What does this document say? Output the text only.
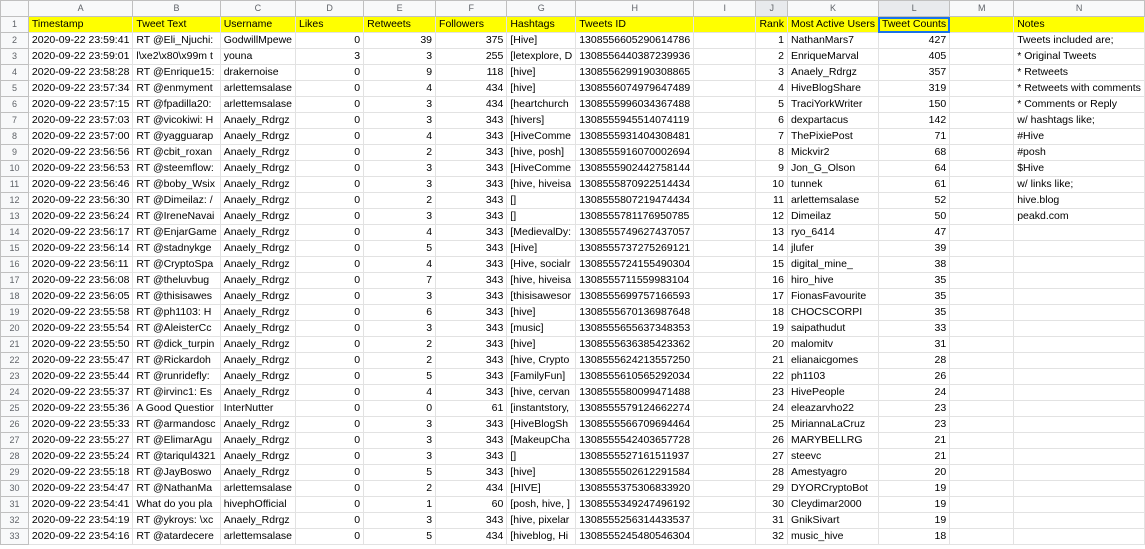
	A	B	C	D	E	F	G	H	I	J	K	L	M	N
1	Timestamp	Tweet Text	Username	Likes	Retweets	Followers	Hashtags	Tweets ID		Rank	Most Active Users	Tweet Counts		Notes
2	2020-09-22 23:59:41	RT @Eli_Njuchi:	GodwillMpewe	0	39	375	[Hive]	1308556605290614786		1	NathanMars7	427		Tweets included are;
3	2020-09-22 23:59:01	l\xe2\x80\x99m t	youna	3	3	255	[letexplore, D	1308556440387239936		2	EnriqueMarval	405		* Original Tweets
4	2020-09-22 23:58:28	RT @Enrique15:	drakernoise	0	9	118	[hive]	1308556299190308865		3	Anaely_Rdrgz	357		* Retweets
5	2020-09-22 23:57:34	RT @enmyment	arlettemsalase	0	4	434	[hive]	1308556074979647489		4	HiveBlogShare	319		* Retweets with comments
6	2020-09-22 23:57:15	RT @fpadilla20:	arlettemsalase	0	3	434	[heartchurch	1308555996034367488		5	TraciYorkWriter	150		* Comments or Reply
7	2020-09-22 23:57:03	RT @vicokiwi: H	Anaely_Rdrgz	0	3	343	[hivers]	1308555945514074119		6	dexpartacus	142		w/ hashtags like;
8	2020-09-22 23:57:00	RT @yagguarap	Anaely_Rdrgz	0	4	343	[HiveComme	1308555931404308481		7	ThePixiePost	71		#Hive
9	2020-09-22 23:56:56	RT @cbit_roxan	Anaely_Rdrgz	0	2	343	[hive, posh]	1308555916070002694		8	Mickvir2	68		#posh
10	2020-09-22 23:56:53	RT @steemflow:	Anaely_Rdrgz	0	3	343	[HiveComme	1308555902442758144		9	Jon_G_Olson	64		$Hive
11	2020-09-22 23:56:46	RT @boby_Wsix	Anaely_Rdrgz	0	3	343	[hive, hiveisa	1308555870922514434		10	tunnek	61		w/ links like;
12	2020-09-22 23:56:30	RT @Dimeilaz: /	Anaely_Rdrgz	0	2	343	[]	1308555807219474434		11	arlettemsalase	52		hive.blog
13	2020-09-22 23:56:24	RT @IreneNavai	Anaely_Rdrgz	0	3	343	[]	1308555781176950785		12	Dimeilaz	50		peakd.com
14	2020-09-22 23:56:17	RT @EnjarGame	Anaely_Rdrgz	0	4	343	[MedievalDy:	1308555749627437057		13	ryo_6414	47		
15	2020-09-22 23:56:14	RT @stadnykge	Anaely_Rdrgz	0	5	343	[Hive]	1308555737275269121		14	jlufer	39		
16	2020-09-22 23:56:11	RT @CryptoSpa	Anaely_Rdrgz	0	4	343	[Hive, socialr	1308555724155490304		15	digital_mine_	38		
17	2020-09-22 23:56:08	RT @theluvbug	Anaely_Rdrgz	0	7	343	[hive, hiveisa	1308555711559983104		16	hiro_hive	35		
18	2020-09-22 23:56:05	RT @thisisawes	Anaely_Rdrgz	0	3	343	[thisisawesor	1308555699757166593		17	FionasFavourite	35		
19	2020-09-22 23:55:58	RT @ph1103: H	Anaely_Rdrgz	0	6	343	[hive]	1308555670136987648		18	CHOCSCORPI	35		
20	2020-09-22 23:55:54	RT @AleisterCc	Anaely_Rdrgz	0	3	343	[music]	1308555655637348353		19	saipathudut	33		
21	2020-09-22 23:55:50	RT @dick_turpin	Anaely_Rdrgz	0	2	343	[hive]	1308555636385423362		20	malomitv	31		
22	2020-09-22 23:55:47	RT @Rickardoh	Anaely_Rdrgz	0	2	343	[hive, Crypto	1308555624213557250		21	elianaicgomes	28		
23	2020-09-22 23:55:44	RT @runridefly:	Anaely_Rdrgz	0	5	343	[FamilyFun]	1308555610565292034		22	ph1103	26		
24	2020-09-22 23:55:37	RT @irvinc1: Es	Anaely_Rdrgz	0	4	343	[hive, cervan	1308555580099471488		23	HivePeople	24		
25	2020-09-22 23:55:36	A Good Questior	InterNutter	0	0	61	[instantstory,	1308555579124662274		24	eleazarvho22	23		
26	2020-09-22 23:55:33	RT @armandosc	Anaely_Rdrgz	0	3	343	[HiveBlogSh	1308555566709694464		25	MiriannaLaCruz	23		
27	2020-09-22 23:55:27	RT @ElimarAgu	Anaely_Rdrgz	0	3	343	[MakeupCha	1308555542403657728		26	MARYBELLRG	21		
28	2020-09-22 23:55:24	RT @tariqul4321	Anaely_Rdrgz	0	3	343	[]	1308555527161511937		27	steevc	21		
29	2020-09-22 23:55:18	RT @JayBoswo	Anaely_Rdrgz	0	5	343	[hive]	1308555502612291584		28	Amestyagro	20		
30	2020-09-22 23:54:47	RT @NathanMa	arlettemsalase	0	2	434	[HIVE]	1308555375306833920		29	DYORCryptoBot	19		
31	2020-09-22 23:54:41	What do you pla	hivephOfficial	0	1	60	[posh, hive, ]	1308555349247496192		30	Cleydimar2000	19		
32	2020-09-22 23:54:19	RT @ykroys: \xc	Anaely_Rdrgz	0	3	343	[hive, pixelar	1308555256314433537		31	GnikSivart	19		
33	2020-09-22 23:54:16	RT @atardecere	arlettemsalase	0	5	434	[hiveblog, Hi	1308555245480546304		32	music_hive	18		
